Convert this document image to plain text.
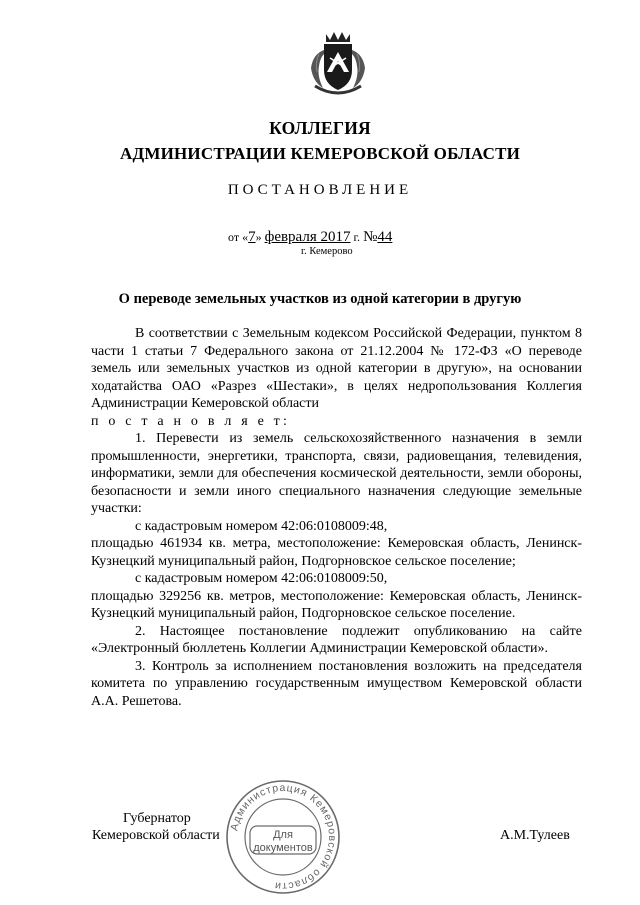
КОЛЛЕГИЯ
АДМИНИСТРАЦИИ КЕМЕРОВСКОЙ ОБЛАСТИ
ПОСТАНОВЛЕНИЕ
от «7» февраля 2017 г. №44
г. Кемерово
О переводе земельных участков из одной категории в другую

В соответствии с Земельным кодексом Российской Федерации, пунктом 8 части 1 статьи 7 Федерального закона от 21.12.2004 № 172-ФЗ «О переводе земель или земельных участков из одной категории в другую», на основании ходатайства ОАО «Разрез «Шестаки», в целях недропользования Коллегия Администрации Кемеровской области

п о с т а н о в л я е т:

1. Перевести из земель сельскохозяйственного назначения в земли промышленности, энергетики, транспорта, связи, радиовещания, телевидения, информатики, земли для обеспечения космической деятельности, земли обороны, безопасности и земли иного специального назначения следующие земельные участки:

с кадастровым номером 42:06:0108009:48,

площадью 461934 кв. метра, местоположение: Кемеровская область, Ленинск-Кузнецкий муниципальный район, Подгорновское сельское поселение;

с кадастровым номером 42:06:0108009:50,

площадью 329256 кв. метров, местоположение: Кемеровская область, Ленинск-Кузнецкий муниципальный район, Подгорновское сельское поселение.

2. Настоящее постановление подлежит опубликованию на сайте «Электронный бюллетень Коллегии Администрации Кемеровской области».

3. Контроль за исполнением постановления возложить на председателя комитета по управлению государственным имуществом Кемеровской области А.А. Решетова.

Губернатор
Кемеровской области	А.М.Тулеев
Администрация Кемеровской области
Для
документов
